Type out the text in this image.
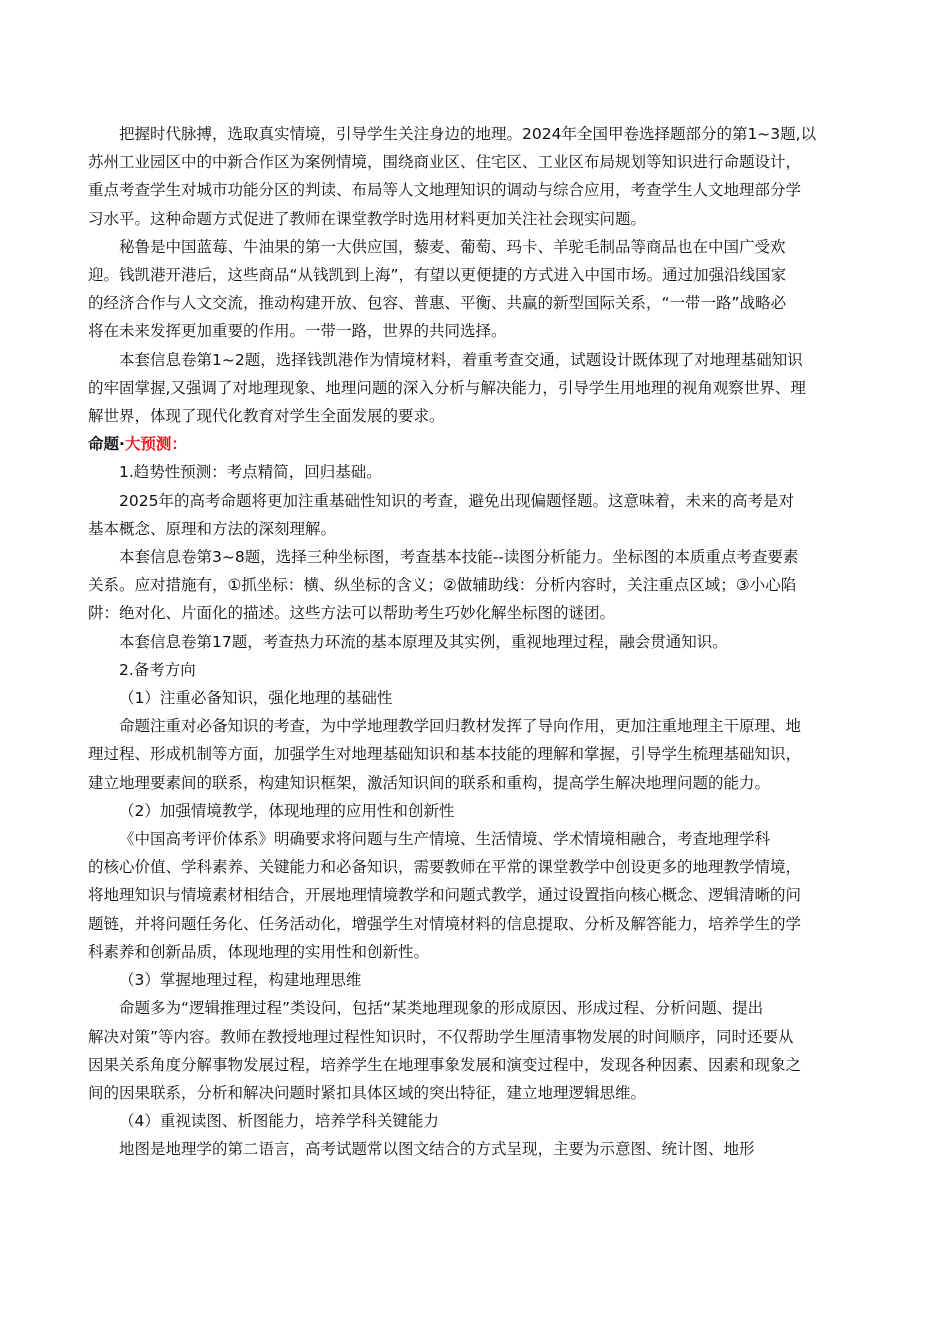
把握时代脉搏，选取真实情境，引导学生关注身边的地理。2024年全国甲卷选择题部分的第1~3题,以
苏州工业园区中的中新合作区为案例情境，围绕商业区、住宅区、工业区布局规划等知识进行命题设计，
重点考查学生对城市功能分区的判读、布局等人文地理知识的调动与综合应用，考查学生人文地理部分学
习水平。这种命题方式促进了教师在课堂教学时选用材料更加关注社会现实问题。

秘鲁是中国蓝莓、牛油果的第一大供应国，藜麦、葡萄、玛卡、羊驼毛制品等商品也在中国广受欢
迎。钱凯港开港后，这些商品“从钱凯到上海”，有望以更便捷的方式进入中国市场。通过加强沿线国家
的经济合作与人文交流，推动构建开放、包容、普惠、平衡、共赢的新型国际关系，“一带一路”战略必
将在未来发挥更加重要的作用。一带一路，世界的共同选择。

本套信息卷第1~2题，选择钱凯港作为情境材料，着重考查交通，试题设计既体现了对地理基础知识
的牢固掌握,又强调了对地理现象、地理问题的深入分析与解决能力，引导学生用地理的视角观察世界、理
解世界，体现了现代化教育对学生全面发展的要求。

命题·大预测：

1.趋势性预测：考点精简，回归基础。

2025年的高考命题将更加注重基础性知识的考查，避免出现偏题怪题。这意味着，未来的高考是对
基本概念、原理和方法的深刻理解。

本套信息卷第3~8题，选择三种坐标图，考查基本技能--读图分析能力。坐标图的本质重点考查要素
关系。应对措施有，①抓坐标：横、纵坐标的含义；②做辅助线：分析内容时，关注重点区域；③小心陷
阱：绝对化、片面化的描述。这些方法可以帮助考生巧妙化解坐标图的谜团。

本套信息卷第17题，考查热力环流的基本原理及其实例，重视地理过程，融会贯通知识。

2.备考方向

（1）注重必备知识，强化地理的基础性

命题注重对必备知识的考查，为中学地理教学回归教材发挥了导向作用，更加注重地理主干原理、地
理过程、形成机制等方面，加强学生对地理基础知识和基本技能的理解和掌握，引导学生梳理基础知识，
建立地理要素间的联系，构建知识框架，激活知识间的联系和重构，提高学生解决地理问题的能力。

（2）加强情境教学，体现地理的应用性和创新性

《中国高考评价体系》明确要求将问题与生产情境、生活情境、学术情境相融合，考查地理学科
的核心价值、学科素养、关键能力和必备知识，需要教师在平常的课堂教学中创设更多的地理教学情境，
将地理知识与情境素材相结合，开展地理情境教学和问题式教学，通过设置指向核心概念、逻辑清晰的问
题链，并将问题任务化、任务活动化，增强学生对情境材料的信息提取、分析及解答能力，培养学生的学
科素养和创新品质，体现地理的实用性和创新性。

（3）掌握地理过程，构建地理思维

命题多为“逻辑推理过程”类设问，包括“某类地理现象的形成原因、形成过程、分析问题、提出
解决对策”等内容。教师在教授地理过程性知识时，不仅帮助学生厘清事物发展的时间顺序，同时还要从
因果关系角度分解事物发展过程，培养学生在地理事象发展和演变过程中，发现各种因素、因素和现象之
间的因果联系，分析和解决问题时紧扣具体区域的突出特征，建立地理逻辑思维。

（4）重视读图、析图能力，培养学科关键能力

地图是地理学的第二语言，高考试题常以图文结合的方式呈现，主要为示意图、统计图、地形
